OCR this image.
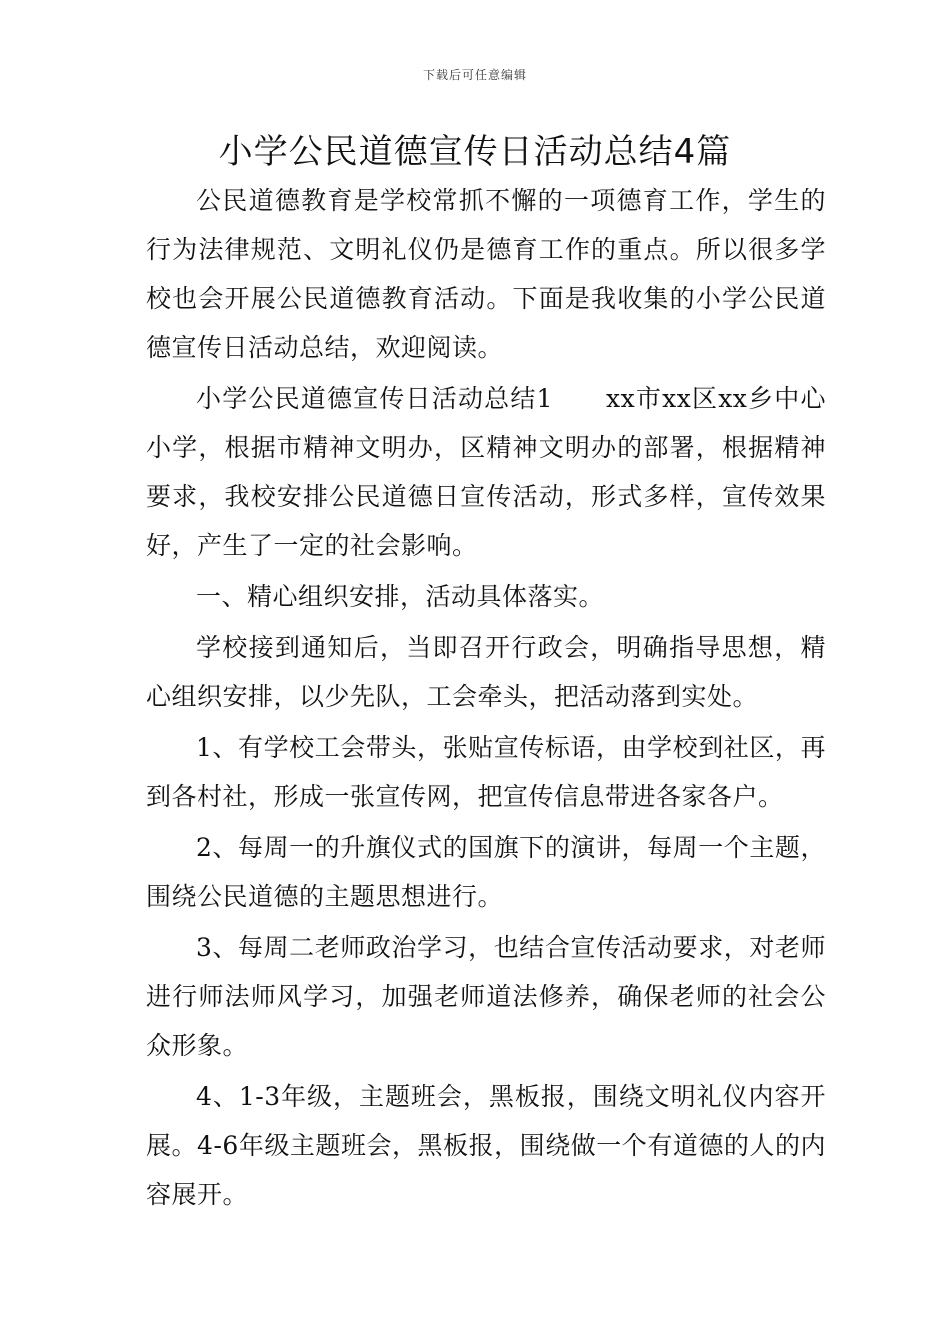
下载后可任意编辑
小学公民道德宣传日活动总结4篇

公民道德教育是学校常抓不懈的一项德育工作，学生的行为法律规范、文明礼仪仍是德育工作的重点。所以很多学校也会开展公民道德教育活动。下面是我收集的小学公民道德宣传日活动总结，欢迎阅读。

小学公民道德宣传日活动总结1　　xx市xx区xx乡中心小学，根据市精神文明办，区精神文明办的部署，根据精神要求，我校安排公民道德日宣传活动，形式多样，宣传效果好，产生了一定的社会影响。

一、精心组织安排，活动具体落实。

学校接到通知后，当即召开行政会，明确指导思想，精心组织安排，以少先队，工会牵头，把活动落到实处。

1、有学校工会带头，张贴宣传标语，由学校到社区，再到各村社，形成一张宣传网，把宣传信息带进各家各户。

2、每周一的升旗仪式的国旗下的演讲，每周一个主题，围绕公民道德的主题思想进行。

3、每周二老师政治学习，也结合宣传活动要求，对老师进行师法师风学习，加强老师道法修养，确保老师的社会公众形象。

4、1-3年级，主题班会，黑板报，围绕文明礼仪内容开展。4-6年级主题班会，黑板报，围绕做一个有道德的人的内容展开。
